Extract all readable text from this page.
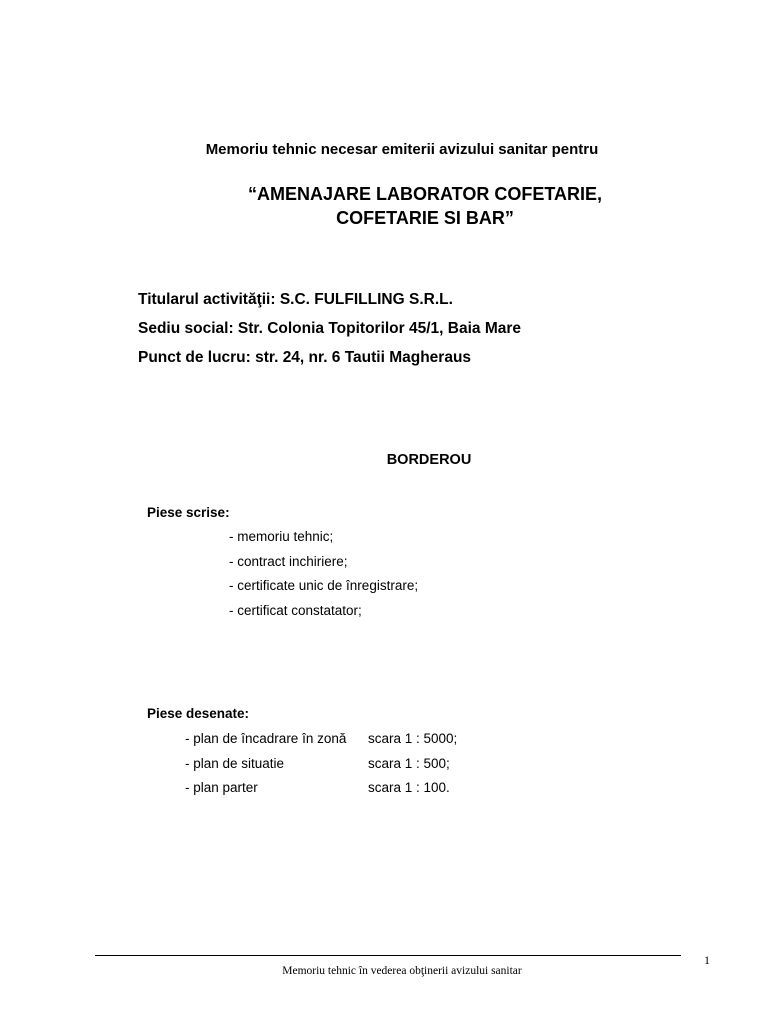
Memoriu tehnic necesar emiterii avizului sanitar pentru
“AMENAJARE LABORATOR COFETARIE,
COFETARIE SI BAR”
Titularul activităţii: S.C. FULFILLING S.R.L.
Sediu social: Str. Colonia Topitorilor 45/1, Baia Mare
Punct de lucru: str. 24, nr. 6 Tautii Magheraus
BORDEROU
Piese scrise:
- memoriu tehnic;
- contract inchiriere;
- certificate unic de înregistrare;
- certificat constatator;
Piese desenate:
- plan de încadrare în zonă	scara 1 : 5000;
- plan de situatie	scara 1 : 500;
- plan parter	scara 1 : 100.
1
Memoriu tehnic în vederea obţinerii avizului sanitar
